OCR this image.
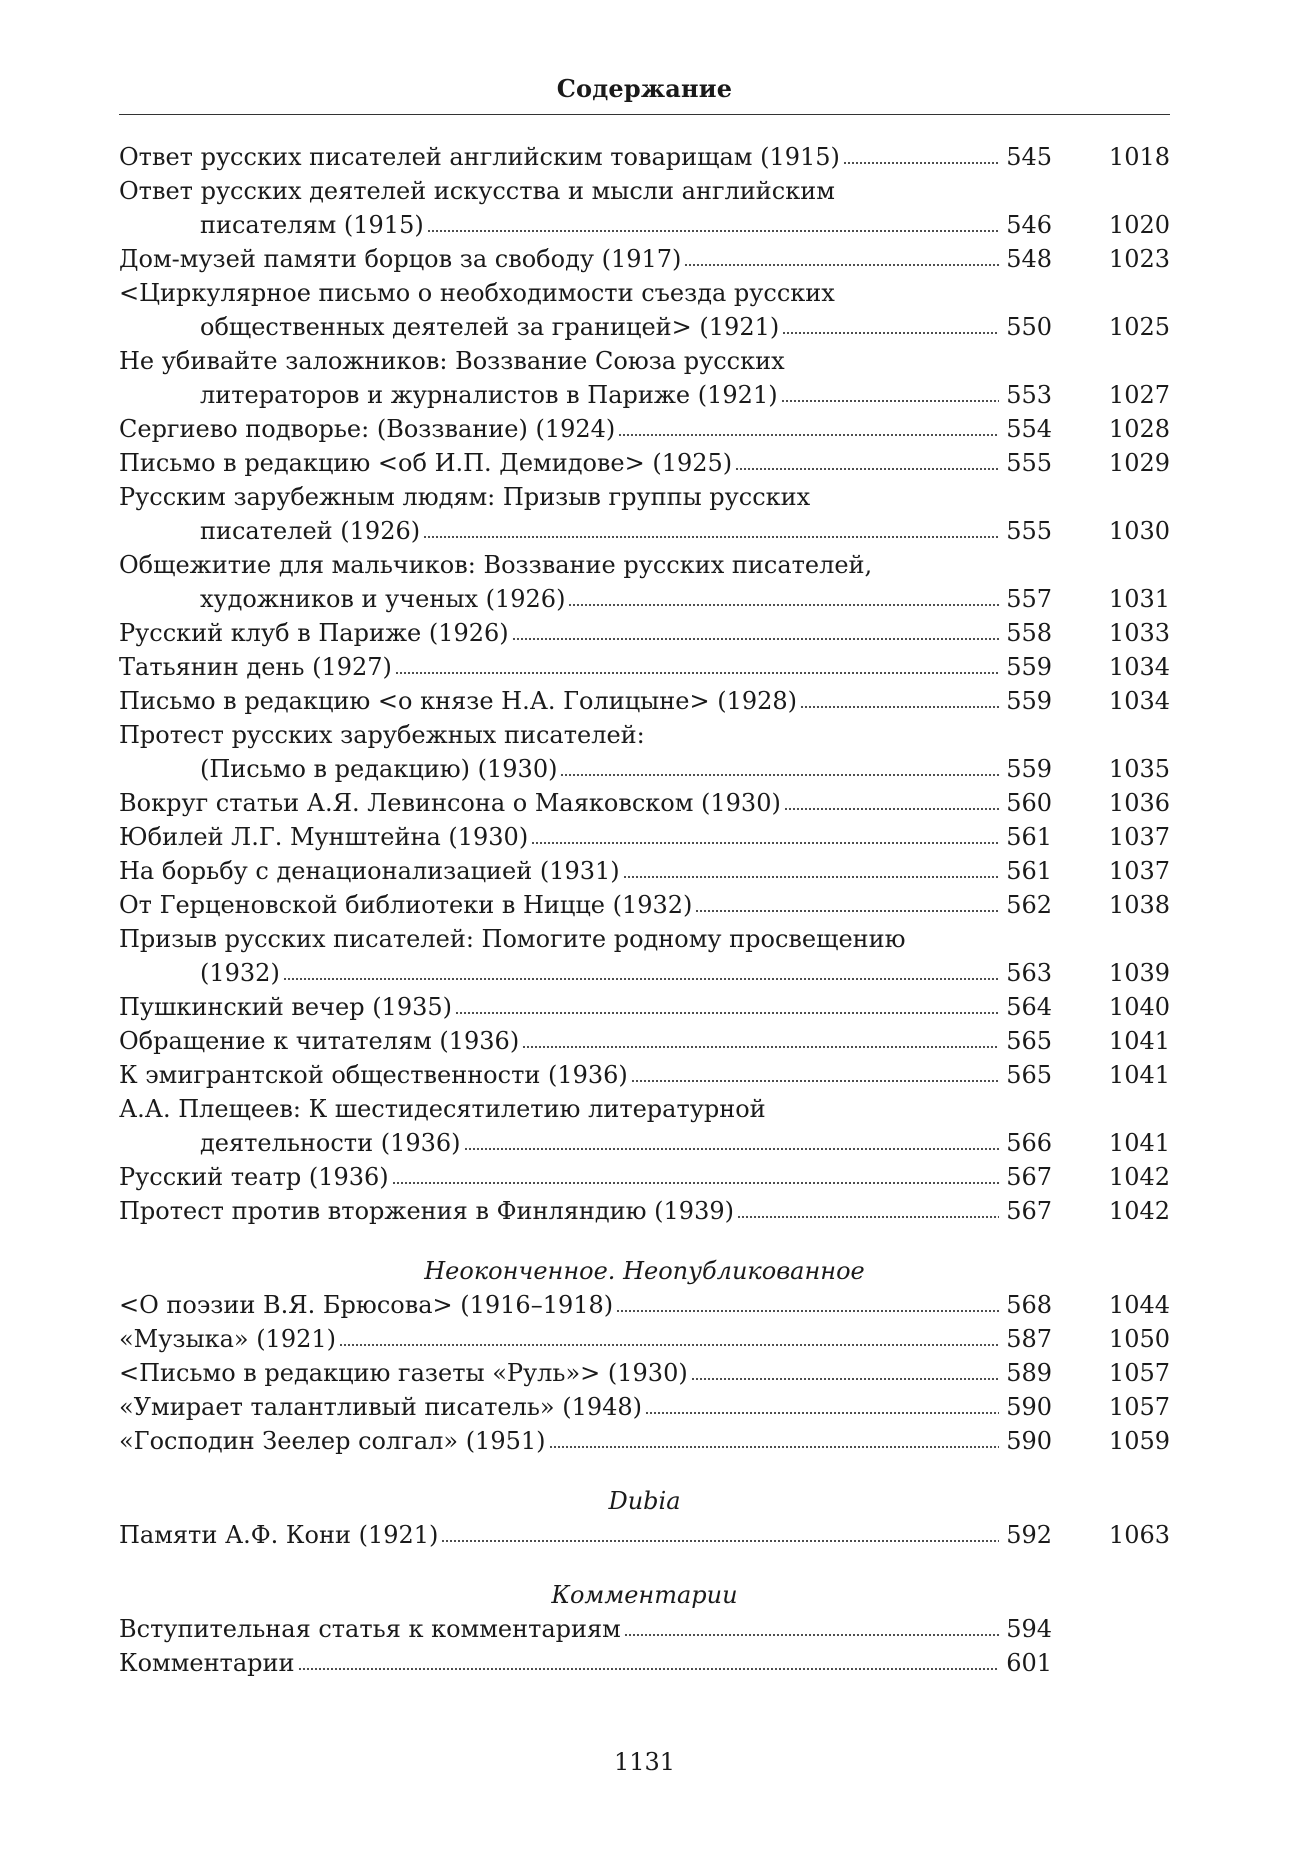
Содержание
Ответ русских писателей английским товарищам (1915)	545	1018
Ответ русских деятелей искусства и мысли английским
писателям (1915)	546	1020
Дом-музей памяти борцов за свободу (1917)	548	1023
<Циркулярное письмо о необходимости съезда русских
общественных деятелей за границей> (1921)	550	1025
Не убивайте заложников: Воззвание Союза русских
литераторов и журналистов в Париже (1921)	553	1027
Сергиево подворье: (Воззвание) (1924)	554	1028
Письмо в редакцию <об И.П. Демидове> (1925)	555	1029
Русским зарубежным людям: Призыв группы русских
писателей (1926)	555	1030
Общежитие для мальчиков: Воззвание русских писателей,
художников и ученых (1926)	557	1031
Русский клуб в Париже (1926)	558	1033
Татьянин день (1927)	559	1034
Письмо в редакцию <о князе Н.А. Голицыне> (1928)	559	1034
Протест русских зарубежных писателей:
(Письмо в редакцию) (1930)	559	1035
Вокруг статьи А.Я. Левинсона о Маяковском (1930)	560	1036
Юбилей Л.Г. Мунштейна (1930)	561	1037
На борьбу с денационализацией (1931)	561	1037
От Герценовской библиотеки в Ницце (1932)	562	1038
Призыв русских писателей: Помогите родному просвещению
(1932)	563	1039
Пушкинский вечер (1935)	564	1040
Обращение к читателям (1936)	565	1041
К эмигрантской общественности (1936)	565	1041
А.А. Плещеев: К шестидесятилетию литературной
деятельности (1936)	566	1041
Русский театр (1936)	567	1042
Протест против вторжения в Финляндию (1939)	567	1042
Неоконченное. Неопубликованное
<О поэзии В.Я. Брюсова> (1916–1918)	568	1044
«Музыка» (1921)	587	1050
<Письмо в редакцию газеты «Руль»> (1930)	589	1057
«Умирает талантливый писатель» (1948)	590	1057
«Господин Зеелер солгал» (1951)	590	1059
Dubia
Памяти А.Ф. Кони (1921)	592	1063
Комментарии
Вступительная статья к комментариям	594
Комментарии	601
1131
